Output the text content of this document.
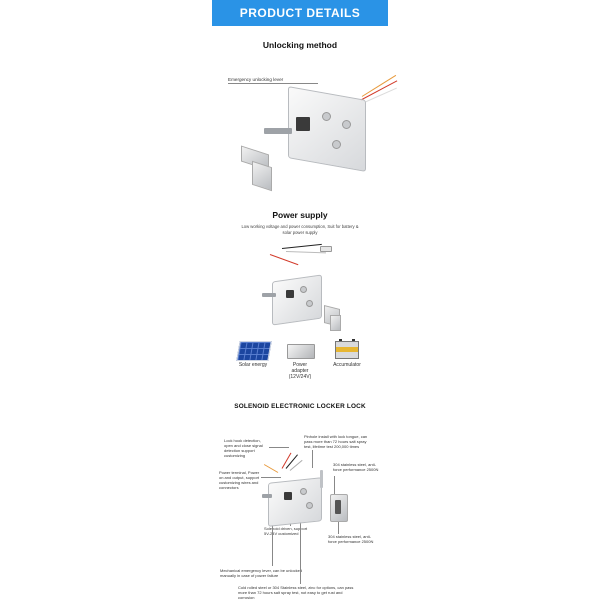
PRODUCT DETAILS
Unlocking method
Emergency unlocking lever
Power supply
Low working voltage and power consumption, Suit for battery & solar power supply
Solar energy	Power adapter (12V/24V)
Accumulator
SOLENOID ELECTRONIC LOCKER LOCK
Lock hook detection, open and close signal detection support customizing
Power terminal, Power on and output, support customizing wires and connectors
Pinhole install with lock tongue, can pass more than 72 hours salt spray test, lifetime test 200,000 times
304 stainless steel, anti-force performance 2500N
Solenoid driven, support 5V-24V customized
304 stainless steel, anti-force performance 2500N
Mechanical emergency lever, can be unlocked manually in case of power failure
Cold rolled steel or 304 Stainless steel, zinc for options, can pass more than 72 hours salt spray test, not easy to get rust and corrosion
